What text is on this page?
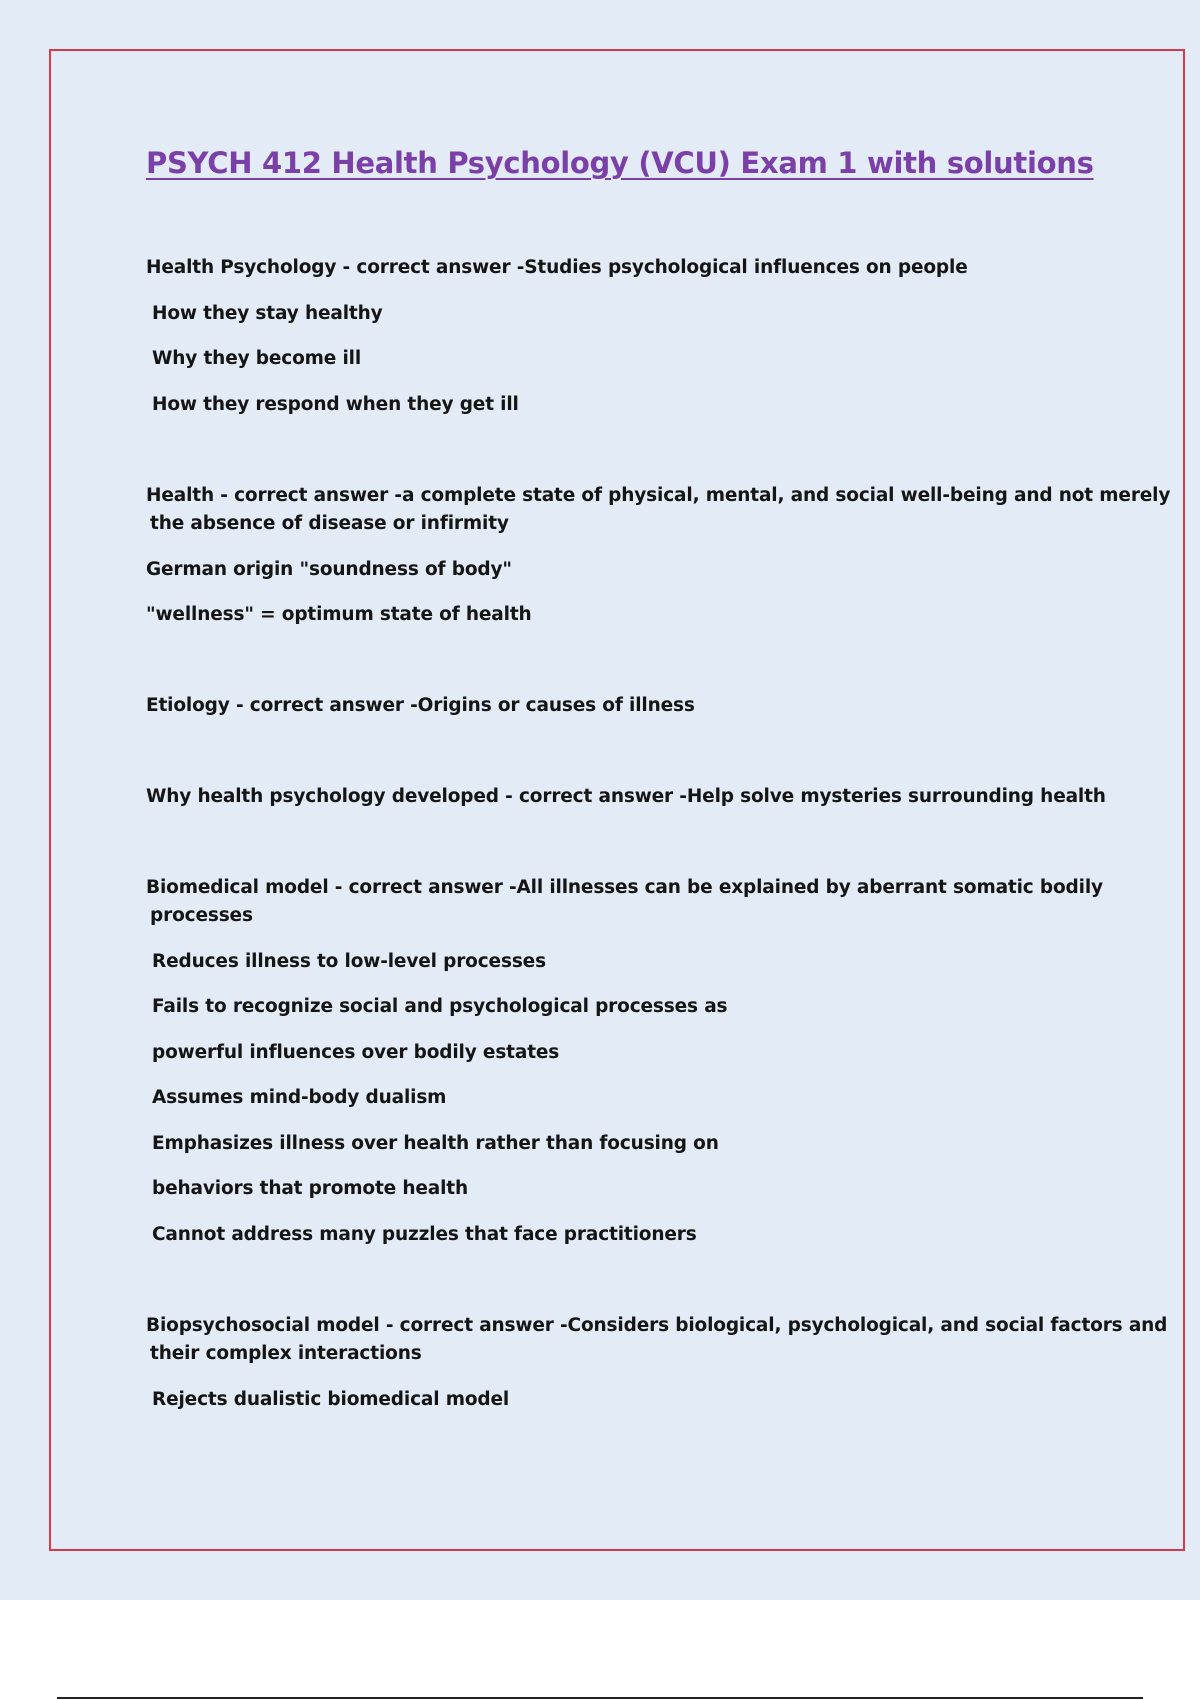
PSYCH 412 Health Psychology (VCU) Exam 1 with solutions

Health Psychology - correct answer -Studies psychological influences on people

How they stay healthy

Why they become ill

How they respond when they get ill

Health - correct answer -a complete state of physical, mental, and social well-being and not merely

the absence of disease or infirmity

German origin "soundness of body"

"wellness" = optimum state of health

Etiology - correct answer -Origins or causes of illness

Why health psychology developed - correct answer -Help solve mysteries surrounding health

Biomedical model - correct answer -All illnesses can be explained by aberrant somatic bodily

processes

Reduces illness to low-level processes

Fails to recognize social and psychological processes as

powerful influences over bodily estates

Assumes mind-body dualism

Emphasizes illness over health rather than focusing on

behaviors that promote health

Cannot address many puzzles that face practitioners

Biopsychosocial model - correct answer -Considers biological, psychological, and social factors and

their complex interactions

Rejects dualistic biomedical model
